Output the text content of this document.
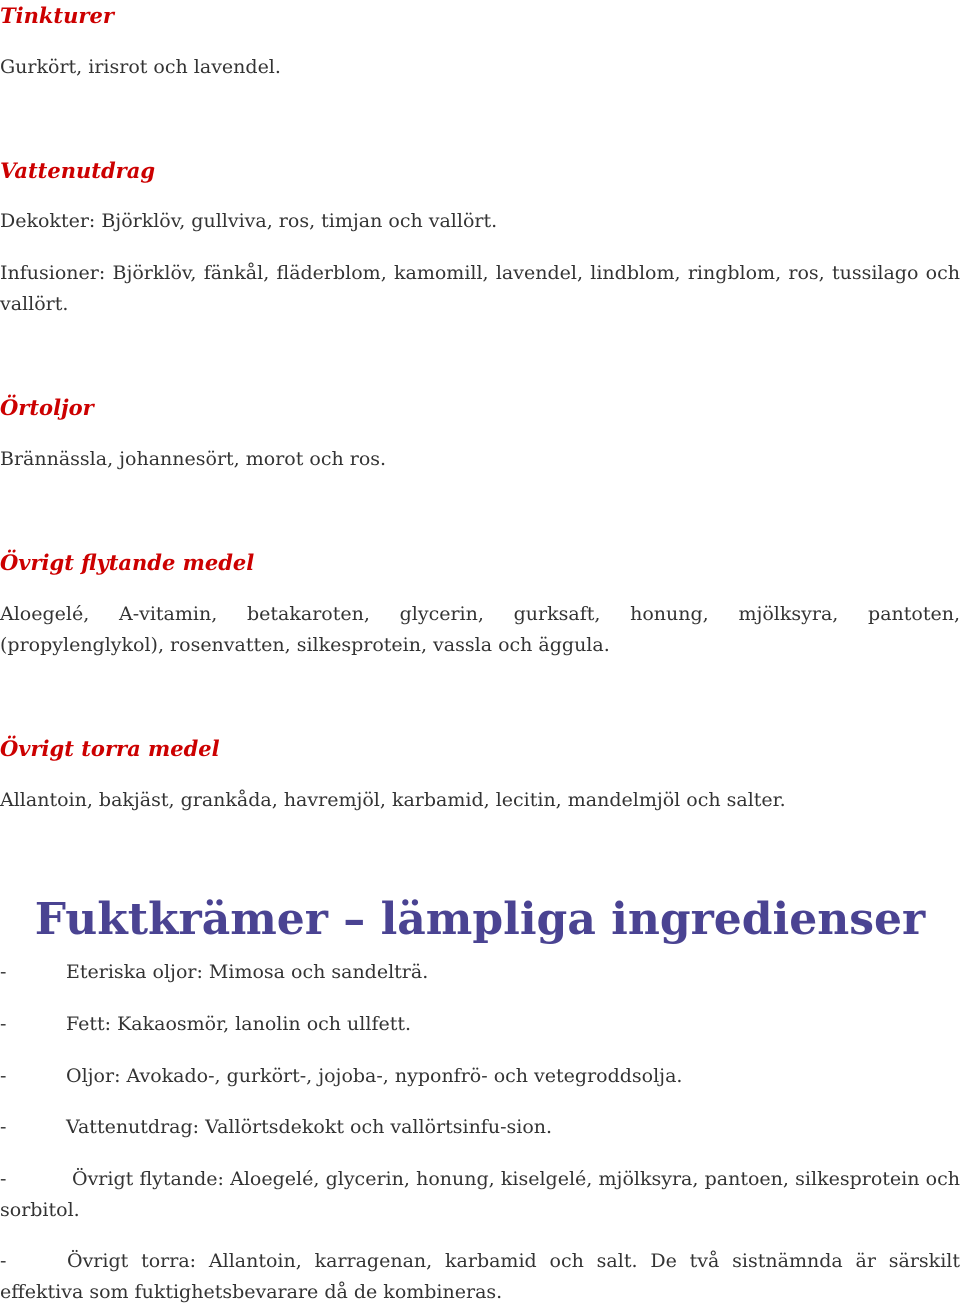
Tinkturer

Gurkört, irisrot och lavendel.

Vattenutdrag

Dekokter: Björklöv, gullviva, ros, timjan och vallört.

Infusioner: Björklöv, fänkål, fläderblom, kamomill, lavendel, lindblom, ringblom, ros, tussilago och vallört.

Örtoljor

Brännässla, johannesört, morot och ros.

Övrigt flytande medel

Aloegelé, A-vitamin, betakaroten, glycerin, gurksaft, honung, mjölksyra, pantoten, (propylenglykol), rosenvatten, silkesprotein, vassla och äggula.

Övrigt torra medel

Allantoin, bakjäst, grankåda, havremjöl, karbamid, lecitin, mandelmjöl och salter.

Fuktkrämer – lämpliga ingredienser

-	Eteriska oljor: Mimosa och sandelträ.

-	Fett: Kakaosmör, lanolin och ullfett.

-	Oljor: Avokado-, gurkört-, jojoba-, nyponfrö- och vetegroddsolja.

-	Vattenutdrag: Vallörtsdekokt och vallörtsinfu-sion.

-	Övrigt flytande: Aloegelé, glycerin, honung, kiselgelé, mjölksyra, pantoen, silkesprotein och sorbitol.

-	Övrigt torra: Allantoin, karragenan, karbamid och salt. De två sistnämnda är särskilt effektiva som fuktighetsbevarare då de kombineras.
